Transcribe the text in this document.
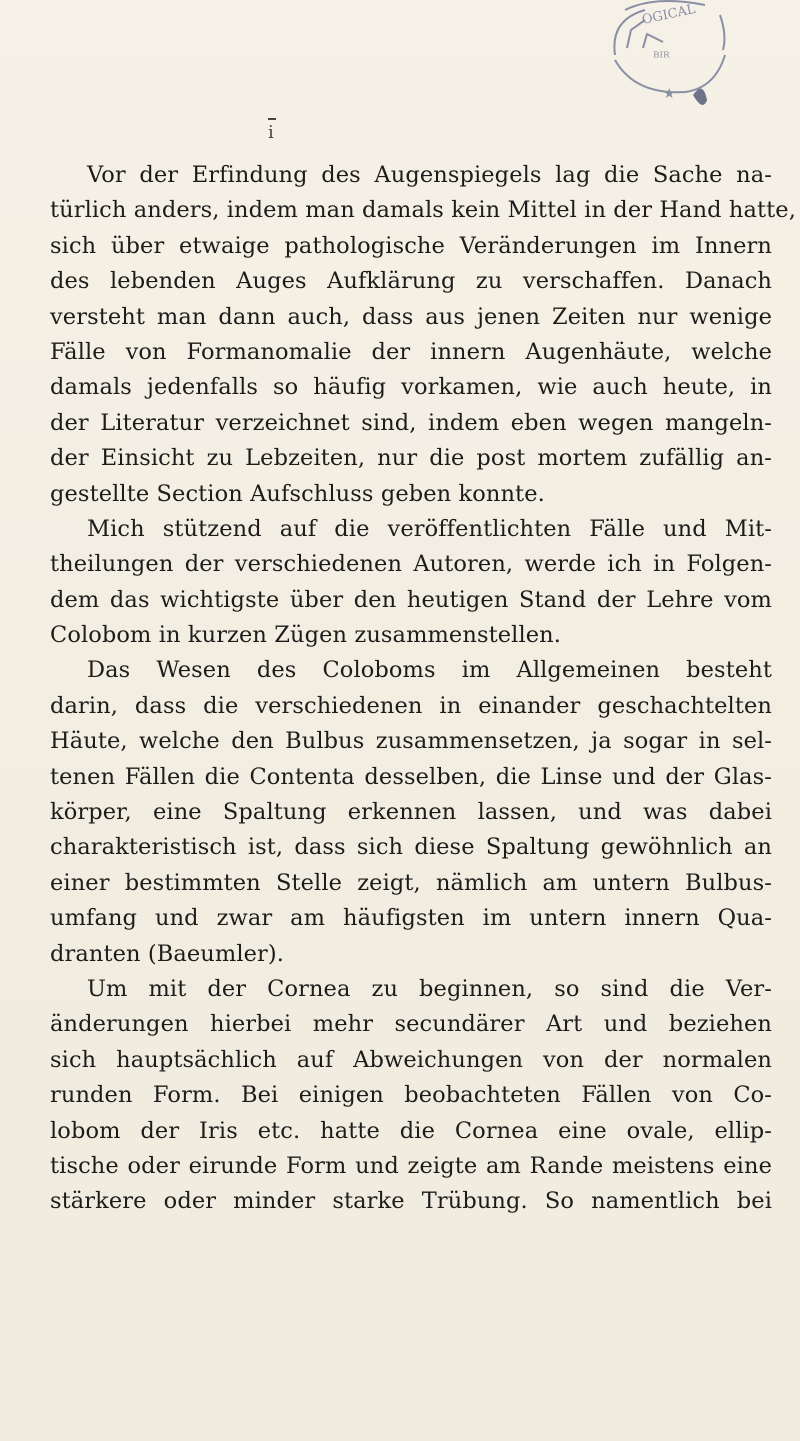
OGICAL
ᴮᴵᴿ
★
i
Vor der Erfindung des Augenspiegels lag die Sache na-
türlich anders, indem man damals kein Mittel in der Hand hatte,
sich über etwaige pathologische Veränderungen im Innern
des lebenden Auges Aufklärung zu verschaffen. Danach
versteht man dann auch, dass aus jenen Zeiten nur wenige
Fälle von Formanomalie der innern Augenhäute, welche
damals jedenfalls so häufig vorkamen, wie auch heute, in
der Literatur verzeichnet sind, indem eben wegen mangeln-
der Einsicht zu Lebzeiten, nur die post mortem zufällig an-
gestellte Section Aufschluss geben konnte.
Mich stützend auf die veröffentlichten Fälle und Mit-
theilungen der verschiedenen Autoren, werde ich in Folgen-
dem das wichtigste über den heutigen Stand der Lehre vom
Colobom in kurzen Zügen zusammenstellen.
Das Wesen des Coloboms im Allgemeinen besteht
darin, dass die verschiedenen in einander geschachtelten
Häute, welche den Bulbus zusammensetzen, ja sogar in sel-
tenen Fällen die Contenta desselben, die Linse und der Glas-
körper, eine Spaltung erkennen lassen, und was dabei
charakteristisch ist, dass sich diese Spaltung gewöhnlich an
einer bestimmten Stelle zeigt, nämlich am untern Bulbus-
umfang und zwar am häufigsten im untern innern Qua-
dranten (Baeumler).
Um mit der Cornea zu beginnen, so sind die Ver-
änderungen hierbei mehr secundärer Art und beziehen
sich hauptsächlich auf Abweichungen von der normalen
runden Form. Bei einigen beobachteten Fällen von Co-
lobom der Iris etc. hatte die Cornea eine ovale, ellip-
tische oder eirunde Form und zeigte am Rande meistens eine
stärkere oder minder starke Trübung. So namentlich bei
